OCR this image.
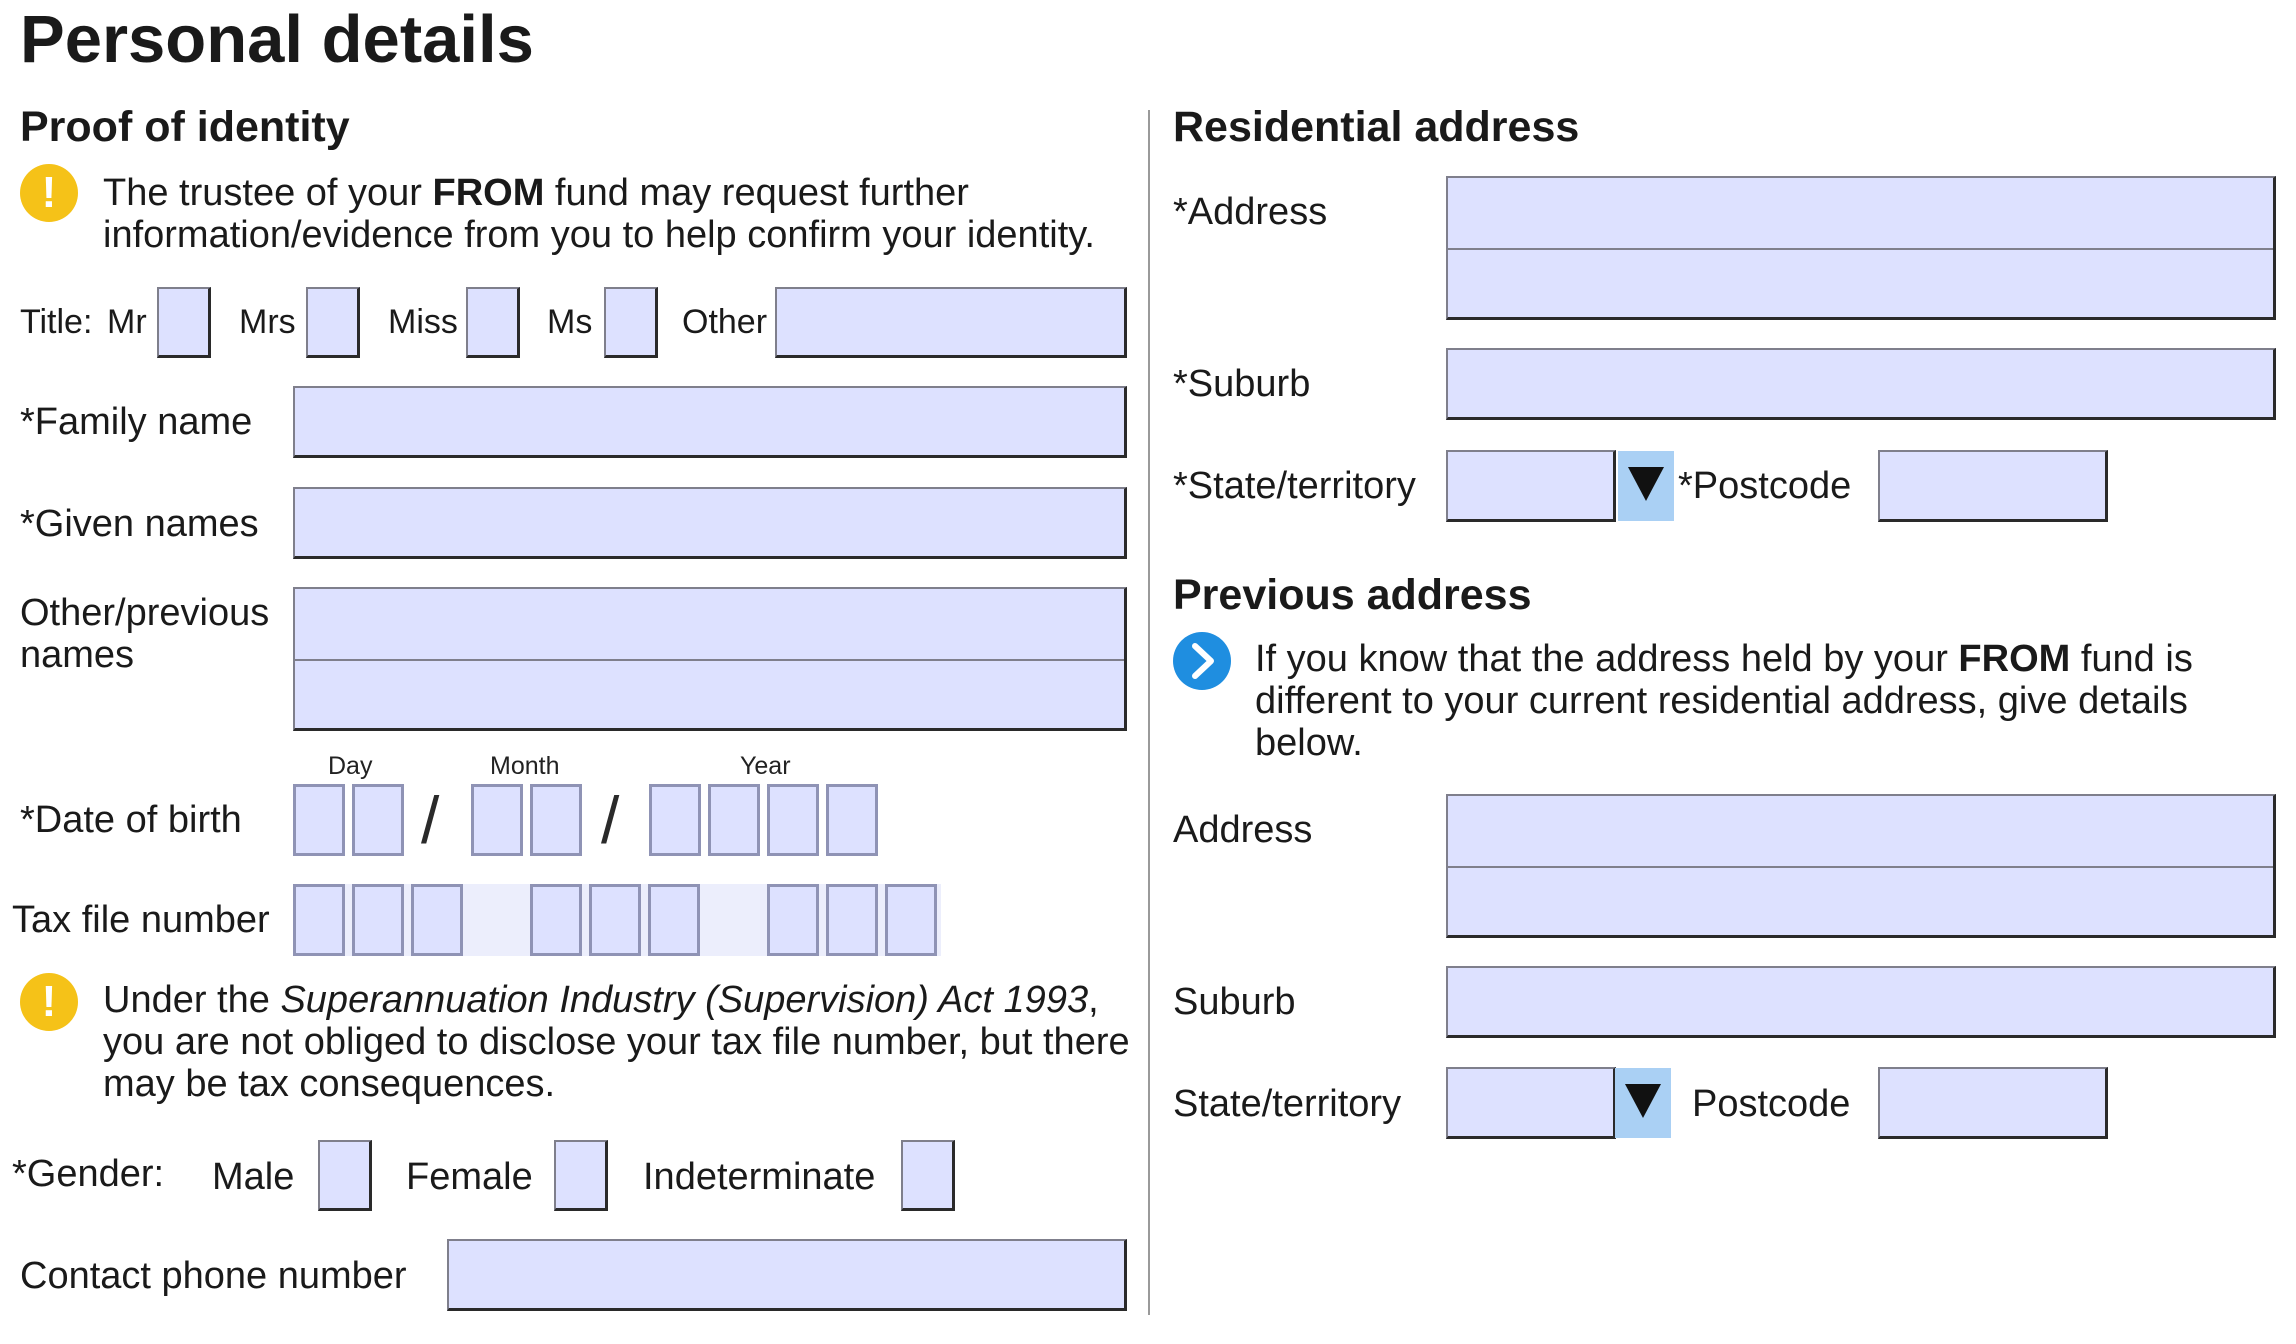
Personal details
Proof of identity
!	The trustee of your FROM fund may request further information/evidence from you to help confirm your identity.
Title: Mr	Mrs	Miss	Ms	Other
*Family name
*Given names
Other/previous names
Day	Month	Year
*Date of birth	/ /
Tax file number
!	Under the Superannuation Industry (Supervision) Act 1993, you are not obliged to disclose your tax file number, but there may be tax consequences.
*Gender: Male	Female	Indeterminate
Contact phone number
Residential address
*Address
*Suburb
*State/territory	*Postcode
Previous address
If you know that the address held by your FROM fund is different to your current residential address, give details below.
Address
Suburb
State/territory	Postcode
